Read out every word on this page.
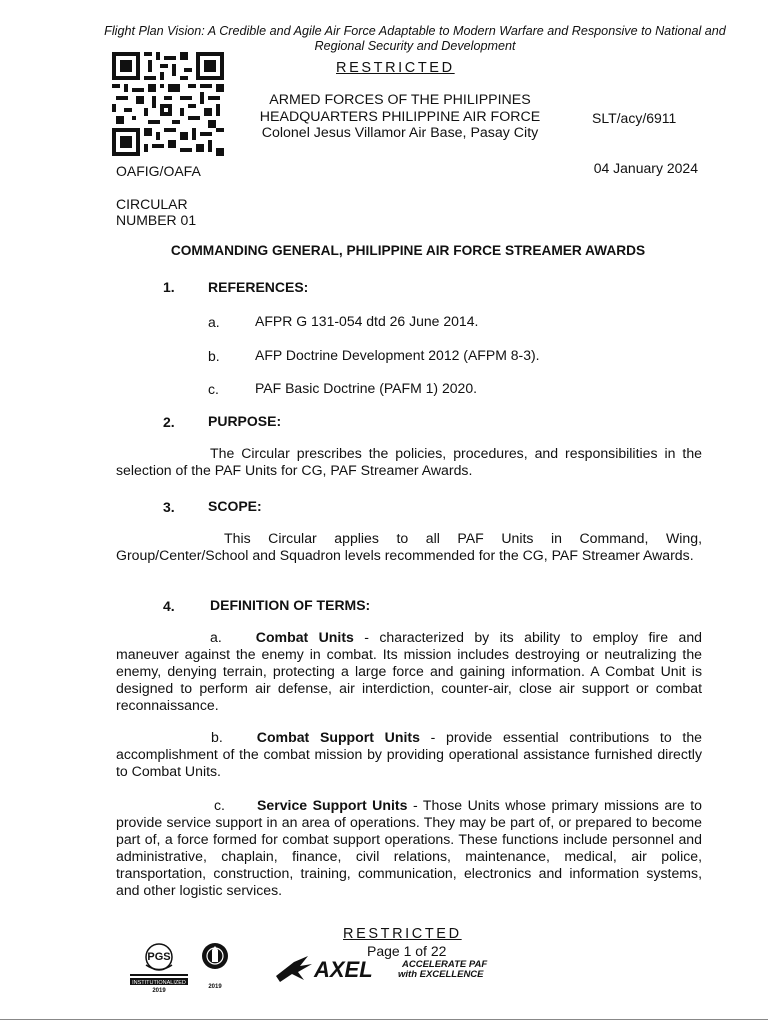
Flight Plan Vision: A Credible and Agile Air Force Adaptable to Modern Warfare and Responsive to National and
Regional Security and Development
RESTRICTED
ARMED FORCES OF THE PHILIPPINES
HEADQUARTERS PHILIPPINE AIR FORCE
Colonel Jesus Villamor Air Base, Pasay City
SLT/acy/6911
OAFIG/OAFA	04 January 2024
CIRCULAR
NUMBER 01
COMMANDING GENERAL, PHILIPPINE AIR FORCE STREAMER AWARDS
1. REFERENCES:
a.	AFPR G 131-054 dtd 26 June 2014.
b.	AFP Doctrine Development 2012 (AFPM 8-3).
c.	PAF Basic Doctrine (PAFM 1) 2020.
2. PURPOSE:
The Circular prescribes the policies, procedures, and responsibilities in the selection of the PAF Units for CG, PAF Streamer Awards.
3. SCOPE:
This Circular applies to all PAF Units in Command, Wing, Group/Center/School and Squadron levels recommended for the CG, PAF Streamer Awards.
4.	DEFINITION OF TERMS:
a. Combat Units - characterized by its ability to employ fire and maneuver against the enemy in combat. Its mission includes destroying or neutralizing the enemy, denying terrain, protecting a large force and gaining information. A Combat Unit is designed to perform air defense, air interdiction, counter-air, close air support or combat reconnaissance.
b. Combat Support Units - provide essential contributions to the accomplishment of the combat mission by providing operational assistance furnished directly to Combat Units.
c. Service Support Units - Those Units whose primary missions are to provide service support in an area of operations. They may be part of, or prepared to become part of, a force formed for combat support operations. These functions include personnel and administrative, chaplain, finance, civil relations, maintenance, medical, air police, transportation, construction, training, communication, electronics and information systems, and other logistic services.
RESTRICTED
Page 1 of 22
PGS
INSTITUTIONALIZED
2019
2019
AXEL	ACCELERATE PAF
with EXCELLENCE
